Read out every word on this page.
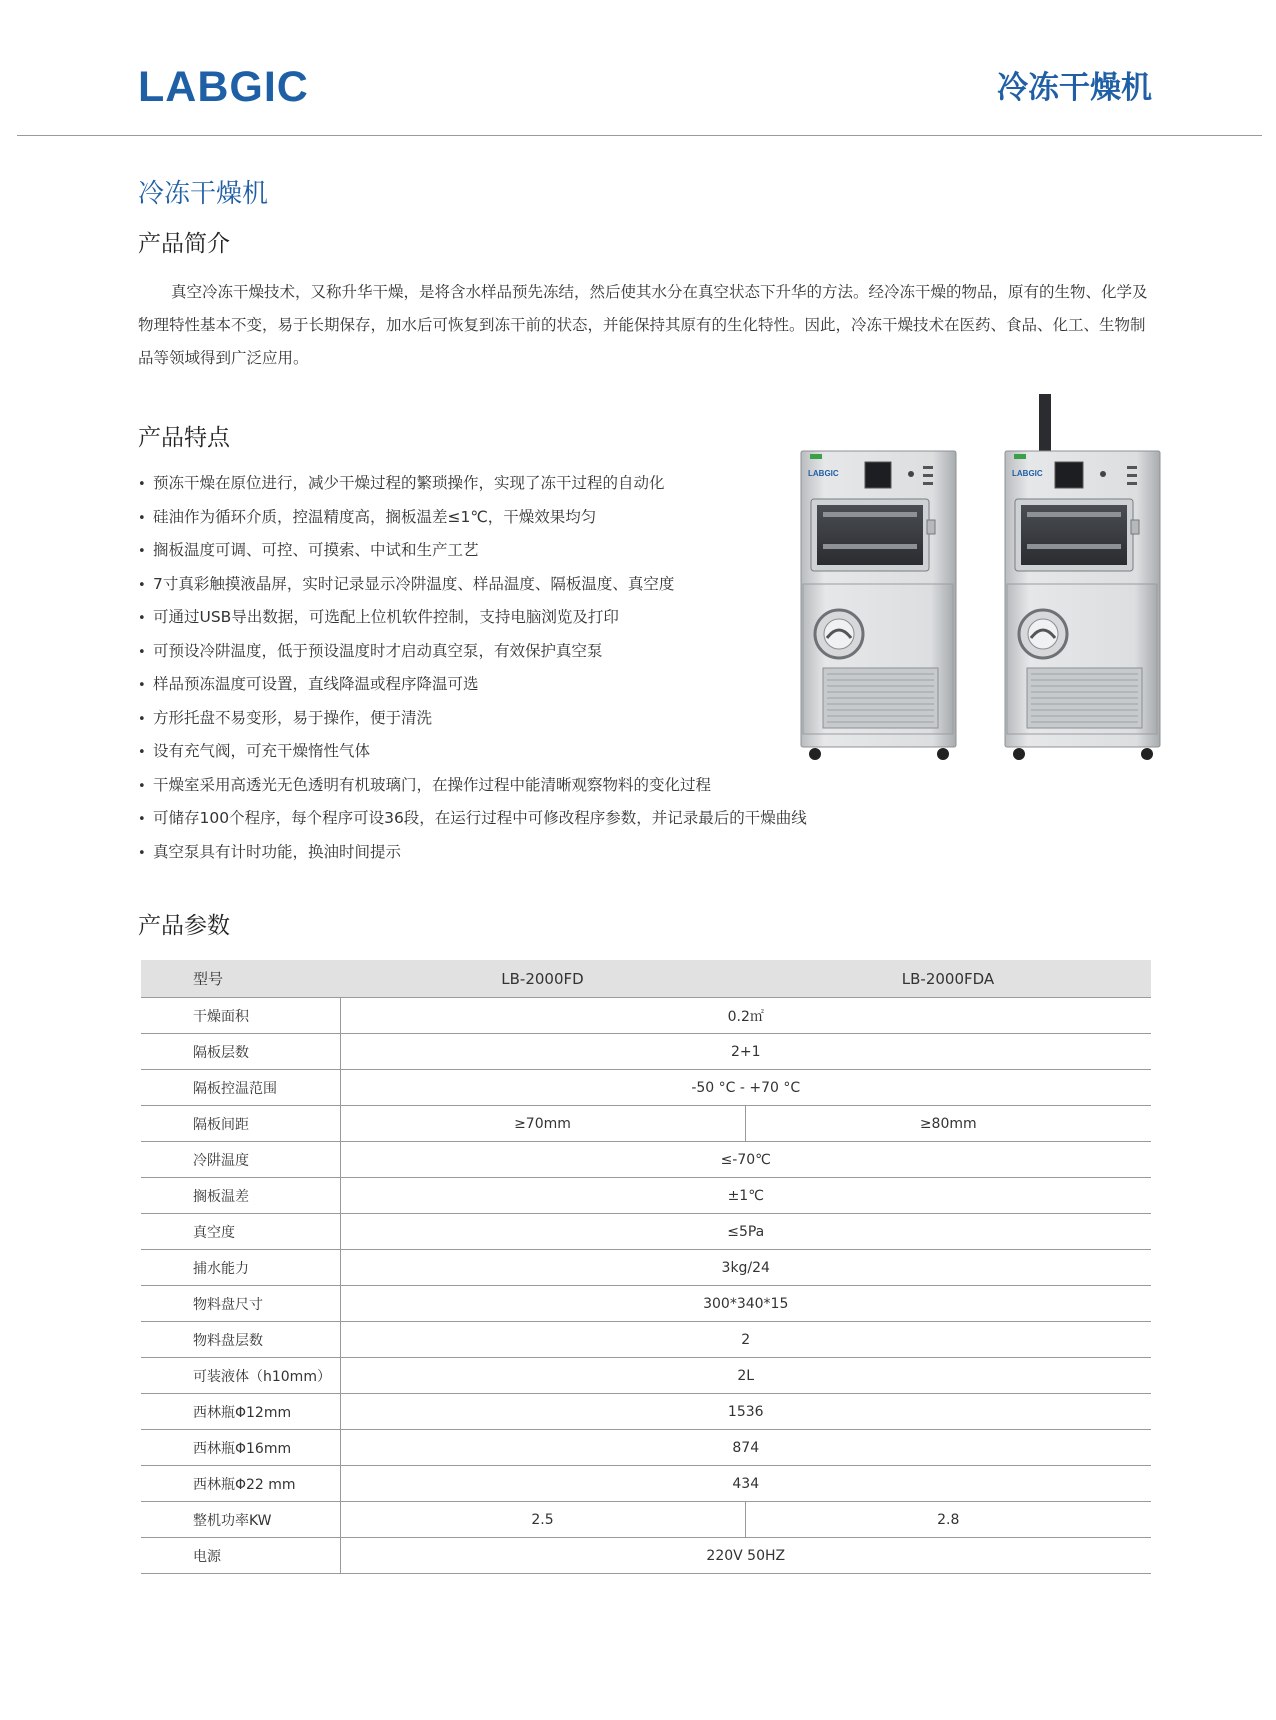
LABGIC	冷冻干燥机
冷冻干燥机
产品简介

真空冷冻干燥技术，又称升华干燥，是将含水样品预先冻结，然后使其水分在真空状态下升华的方法。经冷冻干燥的物品，原有的生物、化学及物理特性基本不变，易于长期保存，加水后可恢复到冻干前的状态，并能保持其原有的生化特性。因此，冷冻干燥技术在医药、食品、化工、生物制品等领域得到广泛应用。

产品特点
• 预冻干燥在原位进行，减少干燥过程的繁琐操作，实现了冻干过程的自动化
• 硅油作为循环介质，控温精度高，搁板温差≤1℃，干燥效果均匀
• 搁板温度可调、可控、可摸索、中试和生产工艺
• 7寸真彩触摸液晶屏，实时记录显示冷阱温度、样品温度、隔板温度、真空度
• 可通过USB导出数据，可选配上位机软件控制，支持电脑浏览及打印
• 可预设冷阱温度，低于预设温度时才启动真空泵，有效保护真空泵
• 样品预冻温度可设置，直线降温或程序降温可选
• 方形托盘不易变形，易于操作，便于清洗
• 设有充气阀，可充干燥惰性气体
• 干燥室采用高透光无色透明有机玻璃门，在操作过程中能清晰观察物料的变化过程
• 可储存100个程序，每个程序可设36段，在运行过程中可修改程序参数，并记录最后的干燥曲线
• 真空泵具有计时功能，换油时间提示
LABGIC	LABGIC
产品参数
型号	LB-2000FD	LB-2000FDA
干燥面积	0.2㎡	
隔板层数	2+1	
隔板控温范围	-50 °C - +70 °C	
隔板间距	≥70mm	≥80mm
冷阱温度	≤-70℃	
搁板温差	±1℃	
真空度	≤5Pa	
捕水能力	3kg/24	
物料盘尺寸	300*340*15	
物料盘层数	2	
可装液体（h10mm）	2L	
西林瓶Φ12mm	1536	
西林瓶Φ16mm	874	
西林瓶Φ22 mm	434	
整机功率KW	2.5	2.8
电源	220V 50HZ	
